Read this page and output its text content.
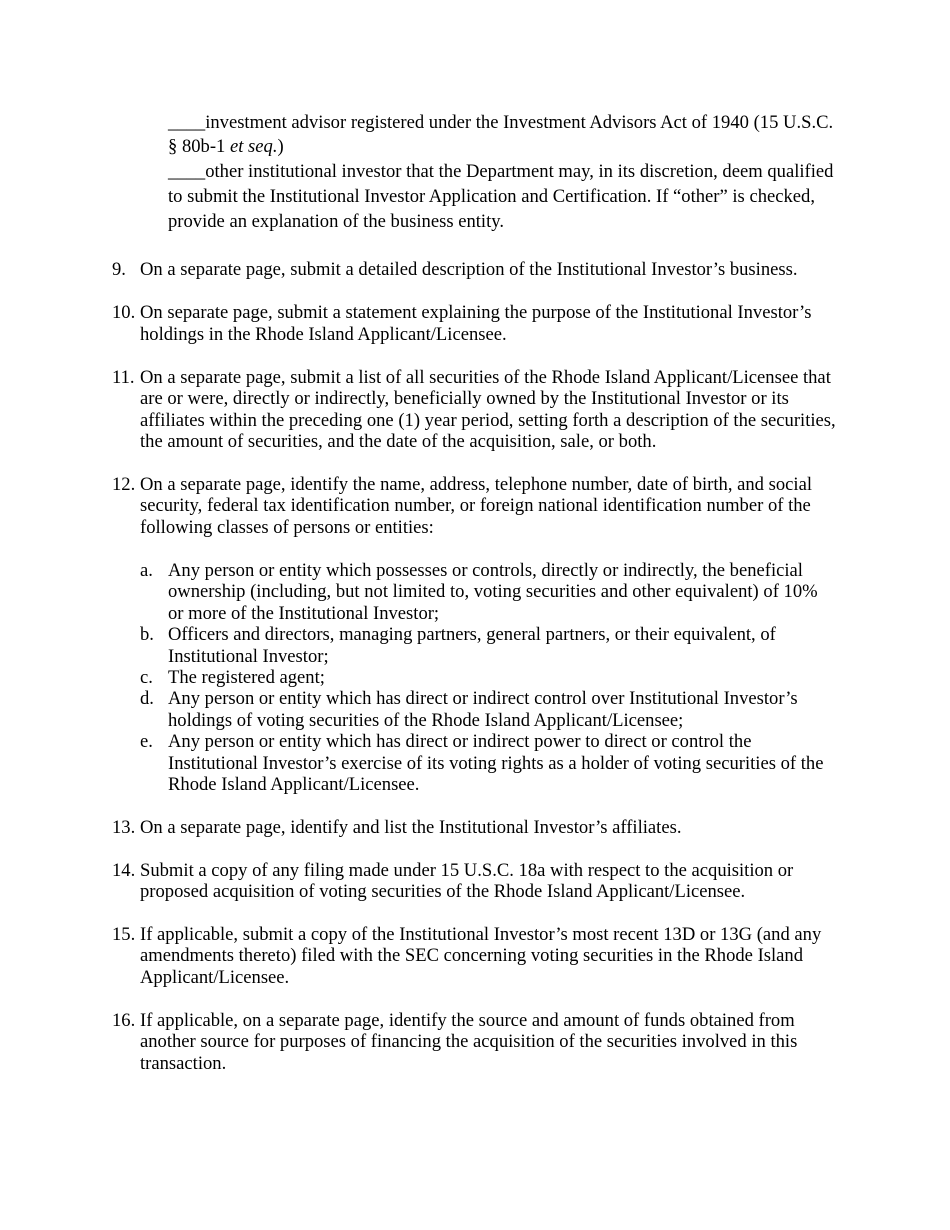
____investment advisor registered under the Investment Advisors Act of 1940 (15 U.S.C.
§ 80b-1 et seq.)
____other institutional investor that the Department may, in its discretion, deem qualified
to submit the Institutional Investor Application and Certification. If “other” is checked,
provide an explanation of the business entity.
9. On a separate page, submit a detailed description of the Institutional Investor’s business.
10. On separate page, submit a statement explaining the purpose of the Institutional Investor’s
holdings in the Rhode Island Applicant/Licensee.
11. On a separate page, submit a list of all securities of the Rhode Island Applicant/Licensee that
are or were, directly or indirectly, beneficially owned by the Institutional Investor or its
affiliates within the preceding one (1) year period, setting forth a description of the securities,
the amount of securities, and the date of the acquisition, sale, or both.
12. On a separate page, identify the name, address, telephone number, date of birth, and social
security, federal tax identification number, or foreign national identification number of the
following classes of persons or entities:
a. Any person or entity which possesses or controls, directly or indirectly, the beneficial
ownership (including, but not limited to, voting securities and other equivalent) of 10%
or more of the Institutional Investor;
b. Officers and directors, managing partners, general partners, or their equivalent, of
Institutional Investor;
c. The registered agent;
d. Any person or entity which has direct or indirect control over Institutional Investor’s
holdings of voting securities of the Rhode Island Applicant/Licensee;
e. Any person or entity which has direct or indirect power to direct or control the
Institutional Investor’s exercise of its voting rights as a holder of voting securities of the
Rhode Island Applicant/Licensee.
13. On a separate page, identify and list the Institutional Investor’s affiliates.
14. Submit a copy of any filing made under 15 U.S.C. 18a with respect to the acquisition or
proposed acquisition of voting securities of the Rhode Island Applicant/Licensee.
15. If applicable, submit a copy of the Institutional Investor’s most recent 13D or 13G (and any
amendments thereto) filed with the SEC concerning voting securities in the Rhode Island
Applicant/Licensee.
16. If applicable, on a separate page, identify the source and amount of funds obtained from
another source for purposes of financing the acquisition of the securities involved in this
transaction.
